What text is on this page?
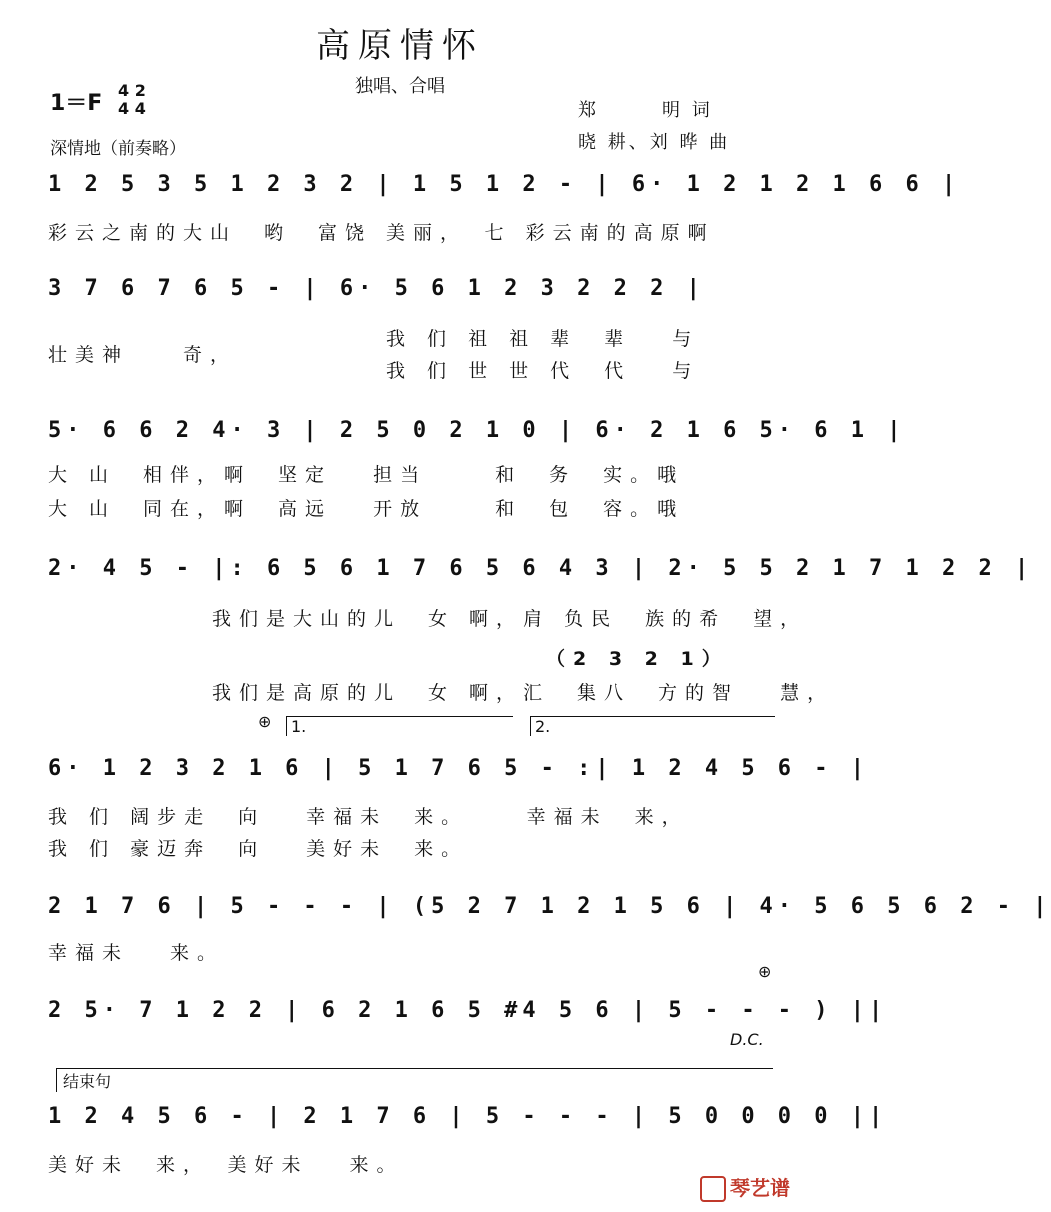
高原情怀
独唱、合唱
1＝F
4 2
4 4	郑　　　明 词
晓 耕、刘 晔 曲
深情地（前奏略）
1 2 5 3 5 1 2 3 2 | 1 5 1 2 - | 6· 1 2 1 2 1 6 6 |
彩云之南的大山　哟　富饶 美丽，　七 彩云南的高原啊
3 7 6 7 6 5 - | 6· 5 6 1 2 3 2 2 2 |
壮美神　　奇，
我 们 祖 祖 辈　辈　 与
我 们 世 世 代　代　 与
5· 6 6 2 4· 3 | 2 5 0 2 1 0 | 6· 2 1 6 5· 6 1 |
大 山　相伴，啊　坚定　 担当　　 和　务　实。哦
大 山　同在，啊　高远　 开放　　 和　包　容。哦
2· 4 5 - |: 6 5 6 1 7 6 5 6 4 3 | 2· 5 5 2 1 7 1 2 2 |
我们是大山的儿　女 啊，肩 负民　族的希　望，
（2 3 2 1）
我们是高原的儿　女 啊，汇　集八　方的智　 慧，
⊕	1.	2.
6· 1 2 3 2 1 6 | 5 1 7 6 5 - :| 1 2 4 5 6 - |
我 们 阔步走　向　 幸福未　来。　　 幸福未　来，
我 们 豪迈奔　向　 美好未　来。
2 1 7 6 | 5 - - - | (5 2 7 1 2 1 5 6 | 4· 5 6 5 6 2 - |
幸福未　 来。
⊕
2 5· 7 1 2 2 | 6 2 1 6 5 #4 5 6 | 5 - - - ) ||
D.C.
结束句
1 2 4 5 6 - | 2 1 7 6 | 5 - - - | 5 0 0 0 0 ||
美好未　来，　美好未　 来。
琴艺谱
